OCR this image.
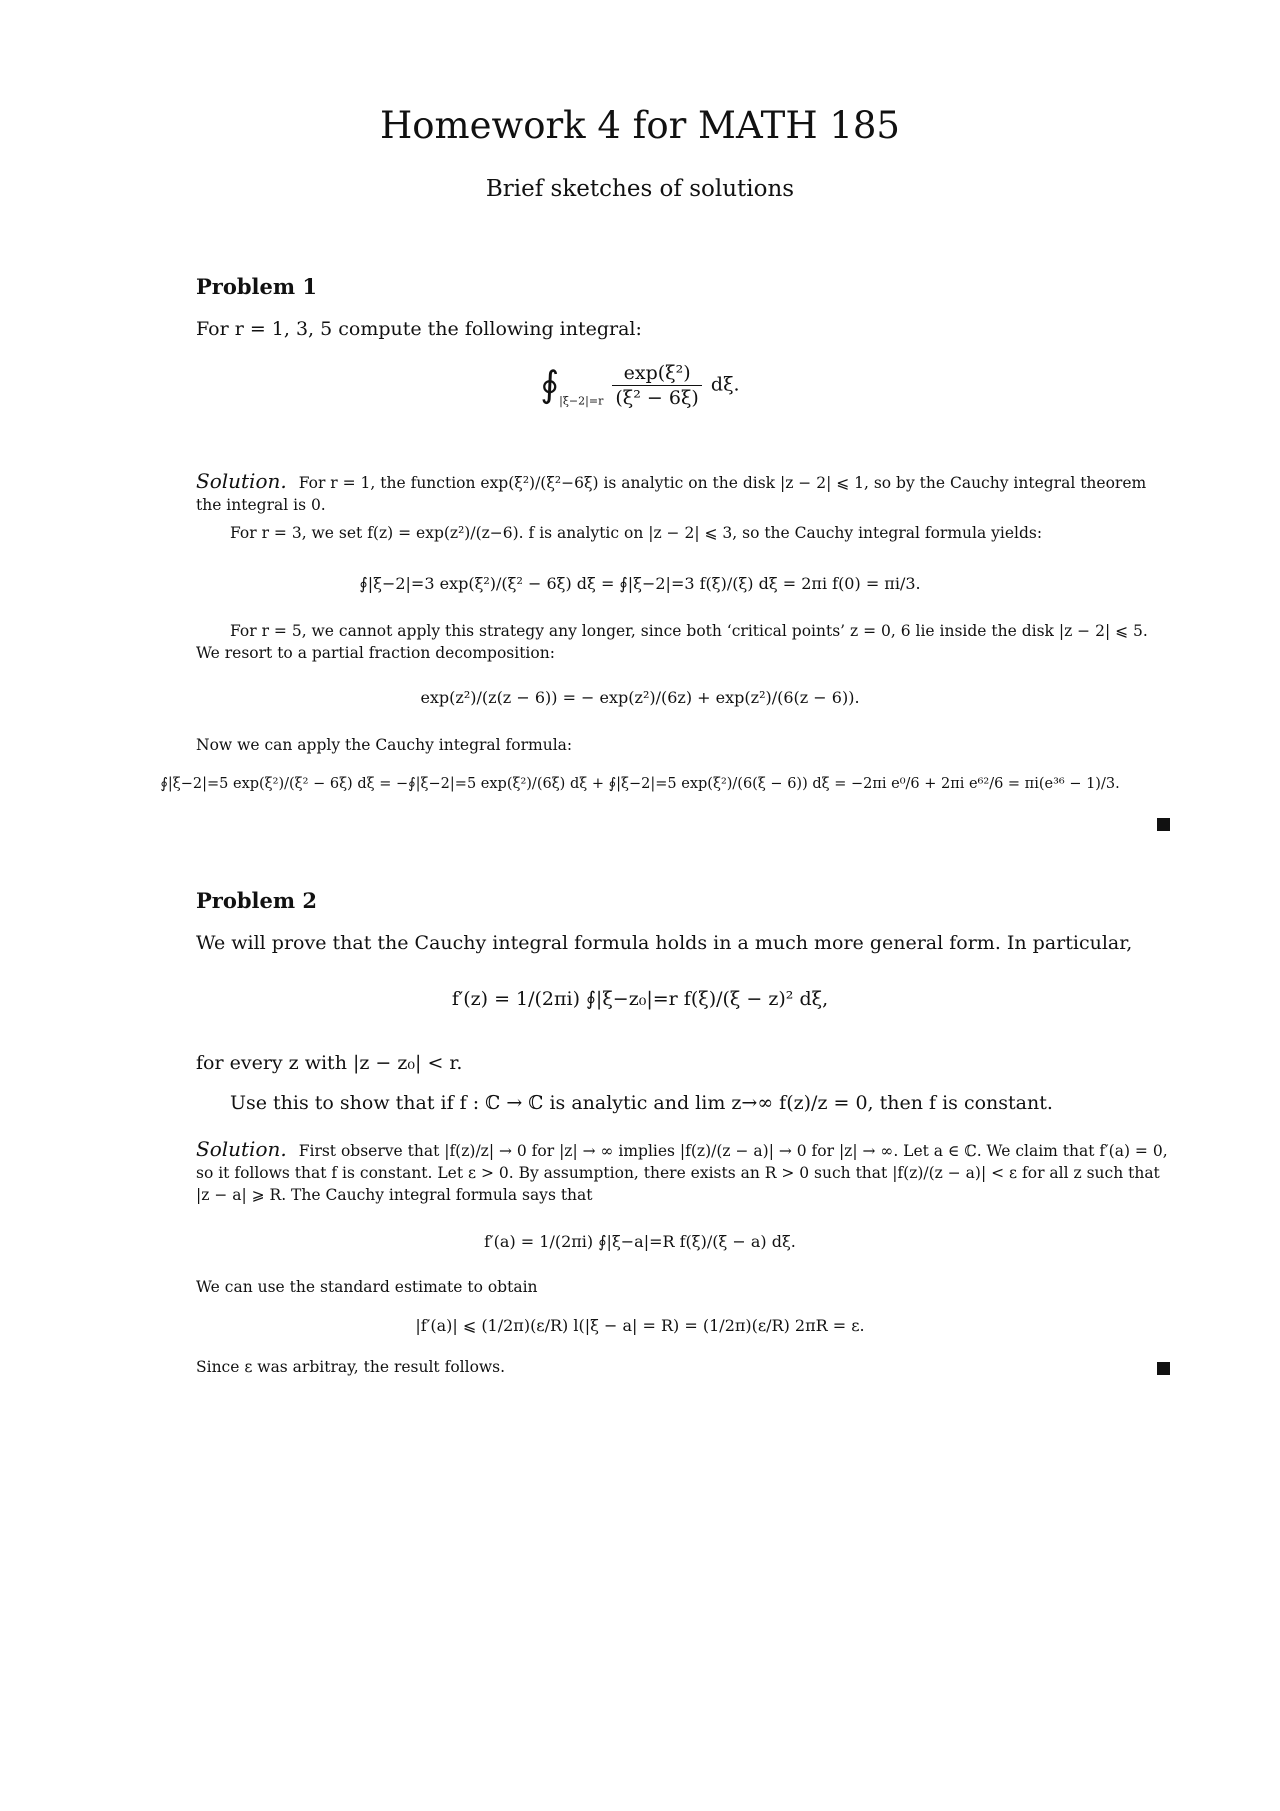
Homework 4 for MATH 185
Brief sketches of solutions
Problem 1
For r = 1, 3, 5 compute the following integral:
$∮_{|\xi-2|=r} \frac{\text{exp(ξ²)}}{\text{(ξ² − 6ξ)}} d\xi$.
Solution. For r = 1, the function exp(ξ²)/(ξ²−6ξ) is analytic on the disk |z − 2| ⩽ 1, so by the Cauchy integral theorem the integral is 0.
For r = 3, we set f(z) = exp(z²)/(z−6). f is analytic on |z − 2| ⩽ 3, so the Cauchy integral formula yields:
∮|ξ−2|=3 exp(ξ²)/(ξ² − 6ξ) dξ = ∮|ξ−2|=3 f(ξ)/(ξ) dξ = 2πi f(0) = πi/3.
For r = 5, we cannot apply this strategy any longer, since both ‘critical points’ z = 0, 6 lie inside the disk |z − 2| ⩽ 5. We resort to a partial fraction decomposition:
exp(z²)/(z(z − 6)) = − exp(z²)/(6z) + exp(z²)/(6(z − 6)).
Now we can apply the Cauchy integral formula:
∮|ξ−2|=5 exp(ξ²)/(ξ² − 6ξ) dξ = −∮|ξ−2|=5 exp(ξ²)/(6ξ) dξ + ∮|ξ−2|=5 exp(ξ²)/(6(ξ − 6)) dξ = −2πi e⁰/6 + 2πi e⁶²/6 = πi(e³⁶ − 1)/3.
Problem 2
We will prove that the Cauchy integral formula holds in a much more general form. In particular,
f′(z) = 1/(2πi) ∮|ξ−z₀|=r f(ξ)/(ξ − z)² dξ,
for every z with |z − z₀| < r.
Use this to show that if f : ℂ → ℂ is analytic and lim z→∞ f(z)/z = 0, then f is constant.
Solution. First observe that |f(z)/z| → 0 for |z| → ∞ implies |f(z)/(z − a)| → 0 for |z| → ∞. Let a ∈ ℂ. We claim that f′(a) = 0, so it follows that f is constant. Let ε > 0. By assumption, there exists an R > 0 such that |f(z)/(z − a)| < ε for all z such that |z − a| ⩾ R. The Cauchy integral formula says that
f′(a) = 1/(2πi) ∮|ξ−a|=R f(ξ)/(ξ − a) dξ.
We can use the standard estimate to obtain
|f′(a)| ⩽ (1/2π)(ε/R) l(|ξ − a| = R) = (1/2π)(ε/R) 2πR = ε.
Since ε was arbitray, the result follows.
